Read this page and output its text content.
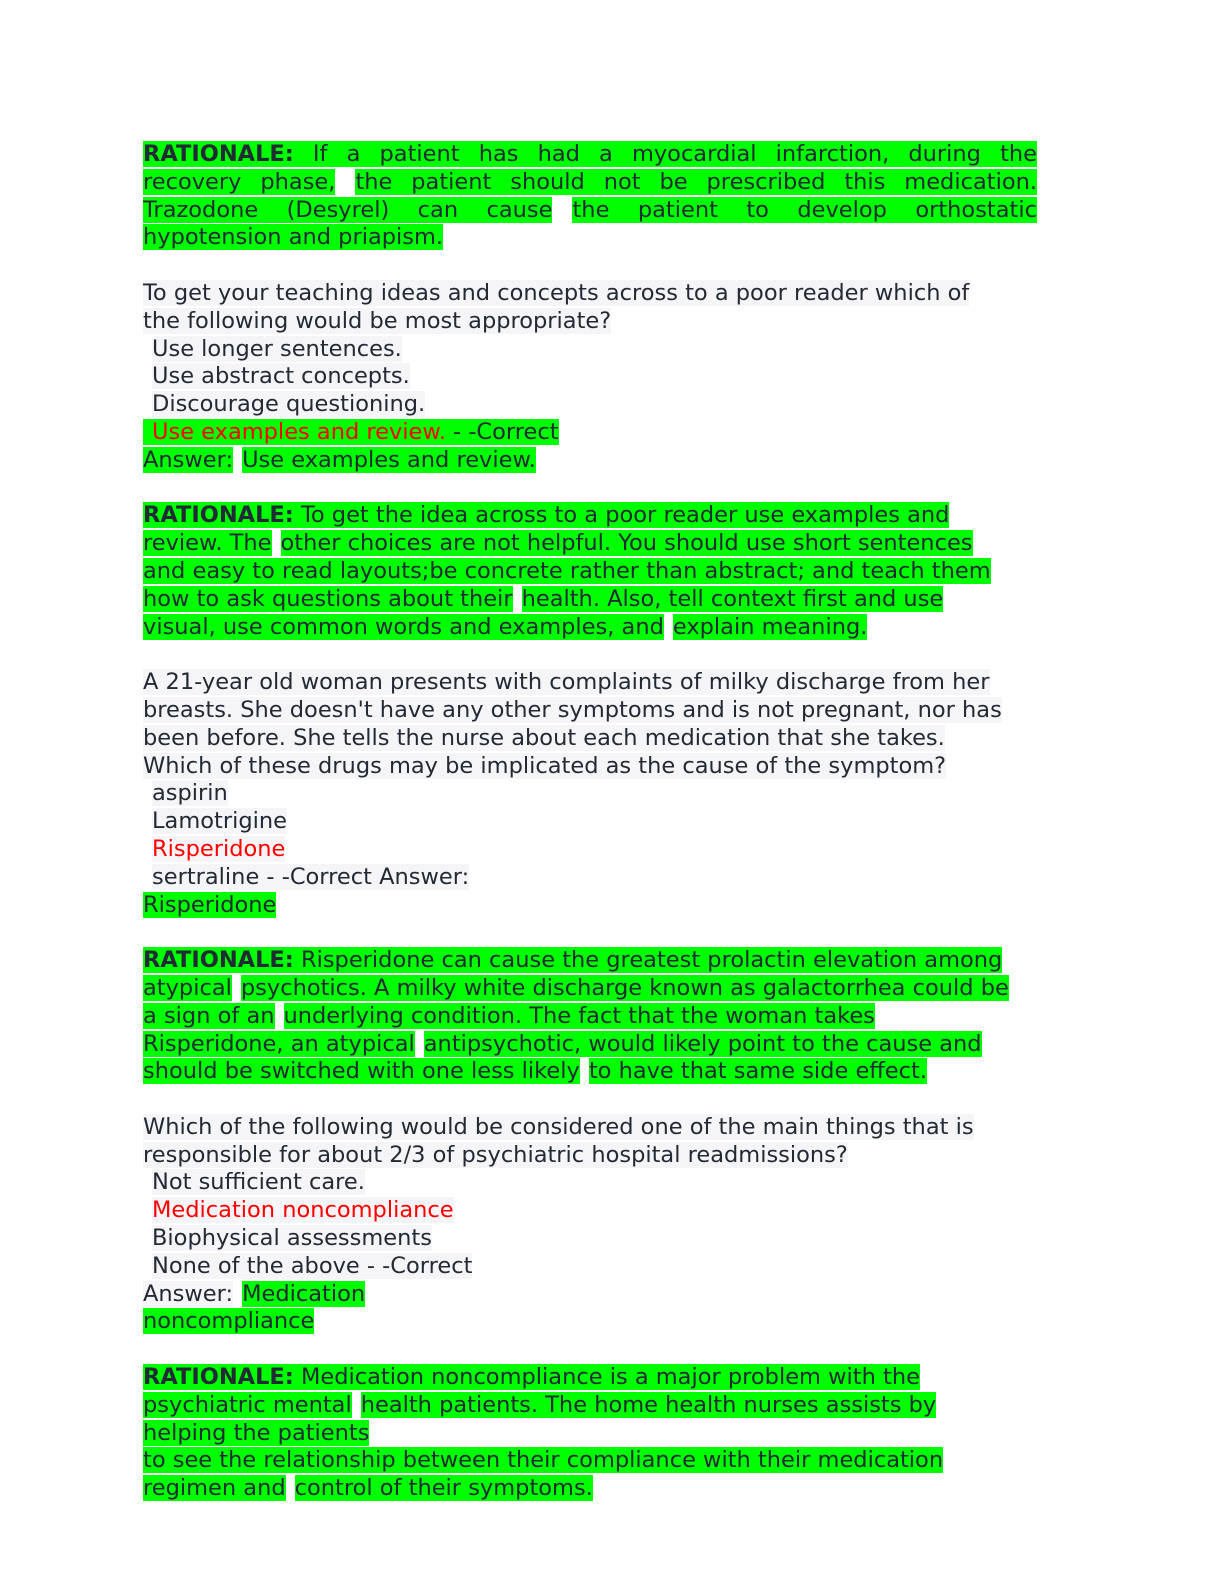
RATIONALE: If a patient has had a myocardial infarction, during the
recovery phase, the patient should not be prescribed this medication.
Trazodone (Desyrel) can cause the patient to develop orthostatic
hypotension and priapism.
To get your teaching ideas and concepts across to a poor reader which of
the following would be most appropriate?
Use longer sentences.
Use abstract concepts.
Discourage questioning.
Use examples and review. - -Correct
Answer: Use examples and review.
RATIONALE: To get the idea across to a poor reader use examples and
review. The other choices are not helpful. You should use short sentences
and easy to read layouts;be concrete rather than abstract; and teach them
how to ask questions about their health. Also, tell context first and use
visual, use common words and examples, and explain meaning.
A 21-year old woman presents with complaints of milky discharge from her
breasts. She doesn't have any other symptoms and is not pregnant, nor has
been before. She tells the nurse about each medication that she takes.
Which of these drugs may be implicated as the cause of the symptom?
aspirin
Lamotrigine
Risperidone
sertraline - -Correct Answer:
Risperidone
RATIONALE: Risperidone can cause the greatest prolactin elevation among
atypical psychotics. A milky white discharge known as galactorrhea could be
a sign of an underlying condition. The fact that the woman takes
Risperidone, an atypical antipsychotic, would likely point to the cause and
should be switched with one less likely to have that same side effect.
Which of the following would be considered one of the main things that is
responsible for about 2/3 of psychiatric hospital readmissions?
Not sufficient care.
Medication noncompliance
Biophysical assessments
None of the above - -Correct
Answer: Medication
noncompliance
RATIONALE: Medication noncompliance is a major problem with the
psychiatric mental health patients. The home health nurses assists by
helping the patients
to see the relationship between their compliance with their medication
regimen and control of their symptoms.
